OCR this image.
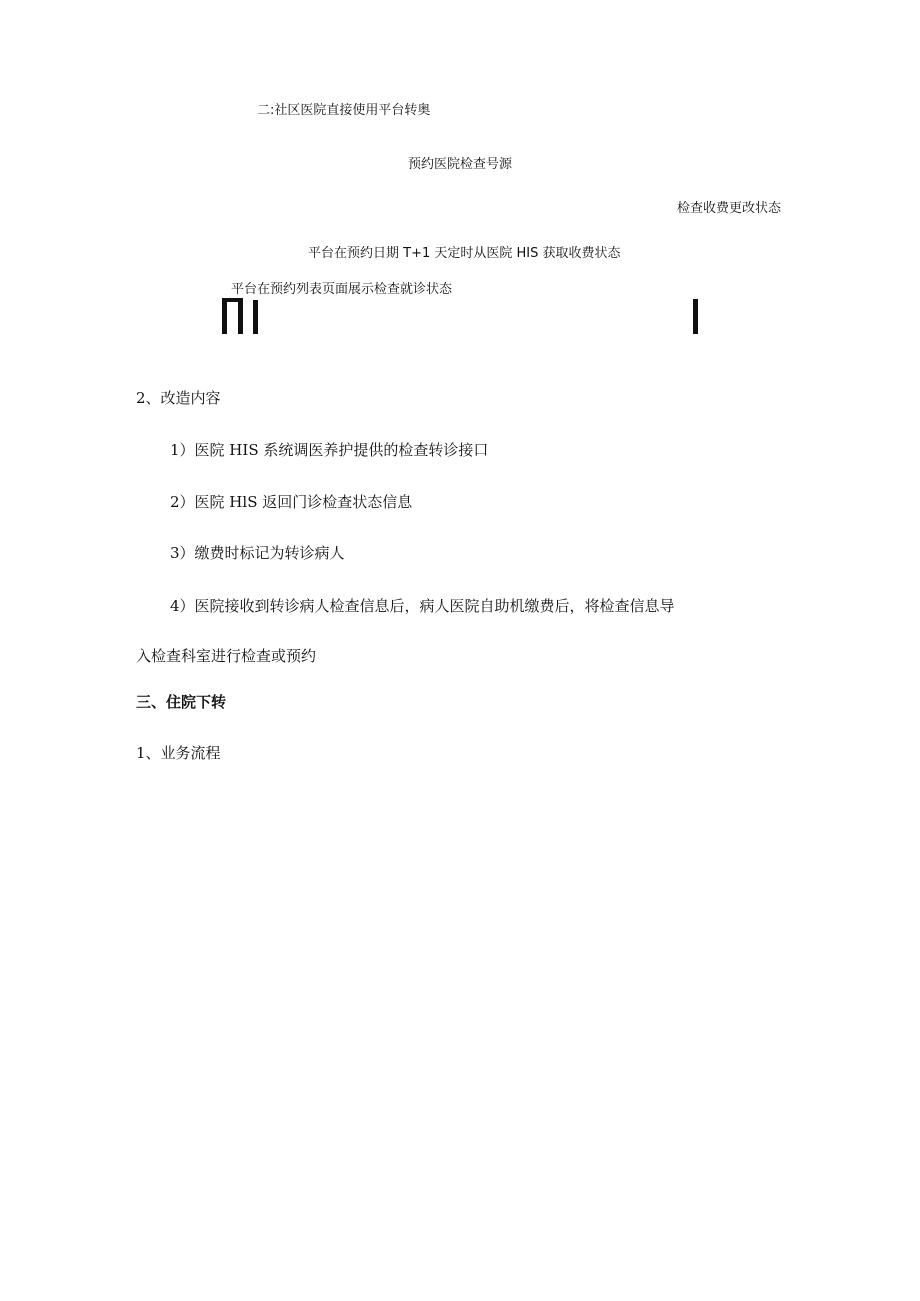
二:社区医院直接使用平台转奥
预约医院检查号源
检查收费更改状态
平台在预约日期 T+1 天定时从医院 HIS 获取收费状态
平台在预约列表页面展示检查就诊状态
2、改造内容
1）医院 HIS 系统调医养护提供的检查转诊接口
2）医院 HlS 返回门诊检查状态信息
3）缴费时标记为转诊病人
4）医院接收到转诊病人检查信息后，病人医院自助机缴费后，将检查信息导
入检查科室进行检查或预约
三、住院下转
1、业务流程
